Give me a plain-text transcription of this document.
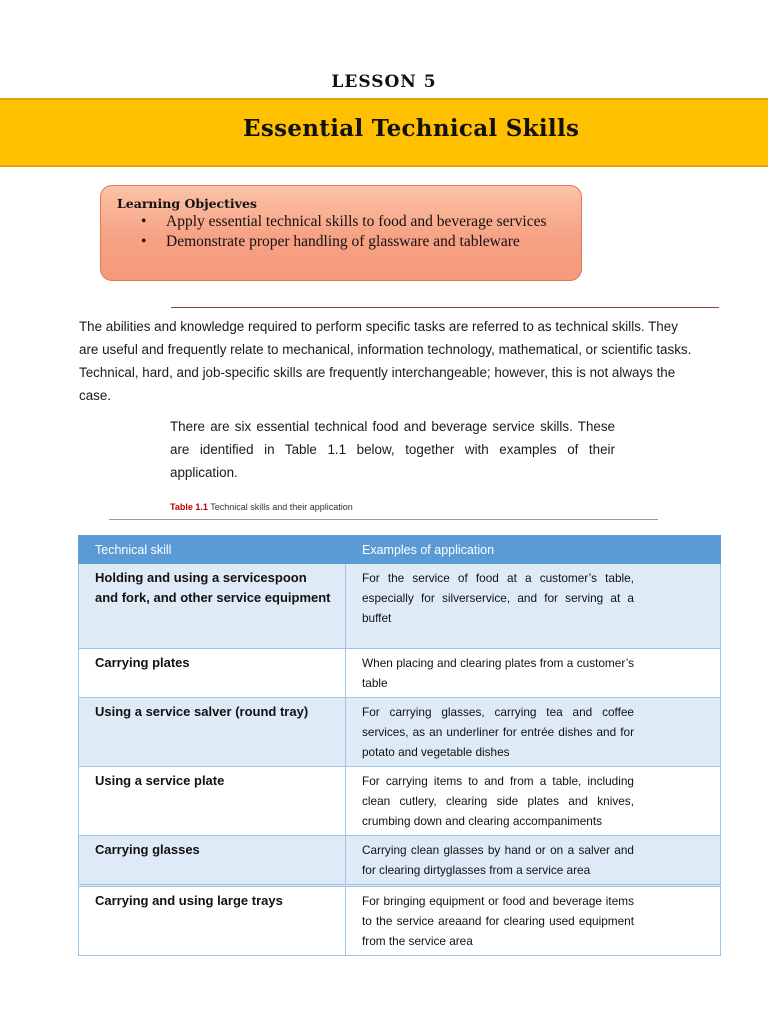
LESSON 5
Essential Technical Skills
Learning Objectives
• Apply essential technical skills to food and beverage services
• Demonstrate proper handling of glassware and tableware

The abilities and knowledge required to perform specific tasks are referred to as technical skills. They are useful and frequently relate to mechanical, information technology, mathematical, or scientific tasks. Technical, hard, and job-specific skills are frequently interchangeable; however, this is not always the case.

There are six essential technical food and beverage service skills. These are identified in Table 1.1 below, together with examples of their application.

Table 1.1 Technical skills and their application
Technical skill	Examples of application
Holding and using a servicespoon and fork, and other service equipment	For the service of food at a customer’s table, especially for silverservice, and for serving at a buffet
Carrying plates	When placing and clearing plates from a customer’s table
Using a service salver (round tray)	For carrying glasses, carrying tea and coffee services, as an underliner for entrée dishes and for potato and vegetable dishes
Using a service plate	For carrying items to and from a table, including clean cutlery, clearing side plates and knives, crumbing down and clearing accompaniments
Carrying glasses	Carrying clean glasses by hand or on a salver and for clearing dirtyglasses from a service area
Carrying and using large trays	For bringing equipment or food and beverage items to the service areaand for clearing used equipment from the service area
